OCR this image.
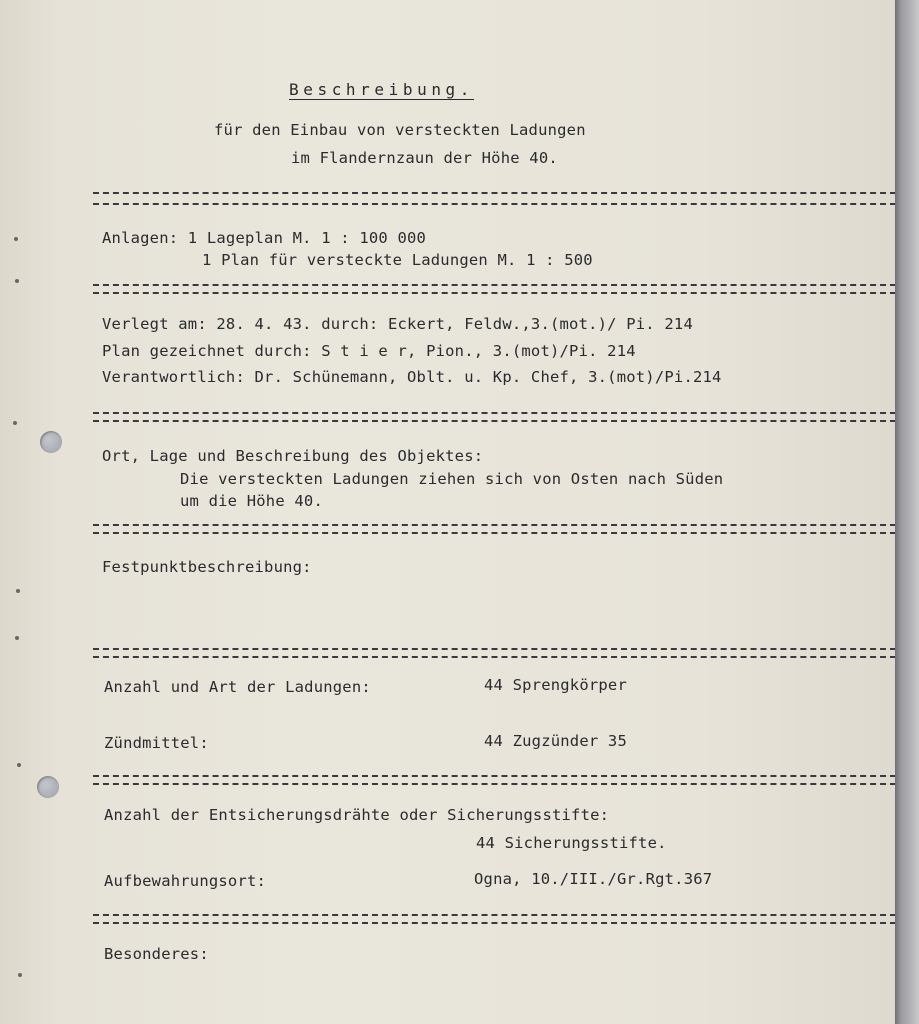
Beschreibung.
für den Einbau von versteckten Ladungen
im Flandernzaun der Höhe 40.
Anlagen: 1 Lageplan M. 1 : 100 000
1 Plan für versteckte Ladungen M. 1 : 500
Verlegt am: 28. 4. 43. durch: Eckert, Feldw.,3.(mot.)/ Pi. 214
Plan gezeichnet durch: S t i e r, Pion., 3.(mot)/Pi. 214
Verantwortlich: Dr. Schünemann, Oblt. u. Kp. Chef, 3.(mot)/Pi.214
Ort, Lage und Beschreibung des Objektes:
Die versteckten Ladungen ziehen sich von Osten nach Süden
um die Höhe 40.
Festpunktbeschreibung:
Anzahl und Art der Ladungen:	44 Sprengkörper
Zündmittel:	44 Zugzünder 35
Anzahl der Entsicherungsdrähte oder Sicherungsstifte:
44 Sicherungsstifte.
Aufbewahrungsort:	Ogna, 10./III./Gr.Rgt.367
Besonderes:
